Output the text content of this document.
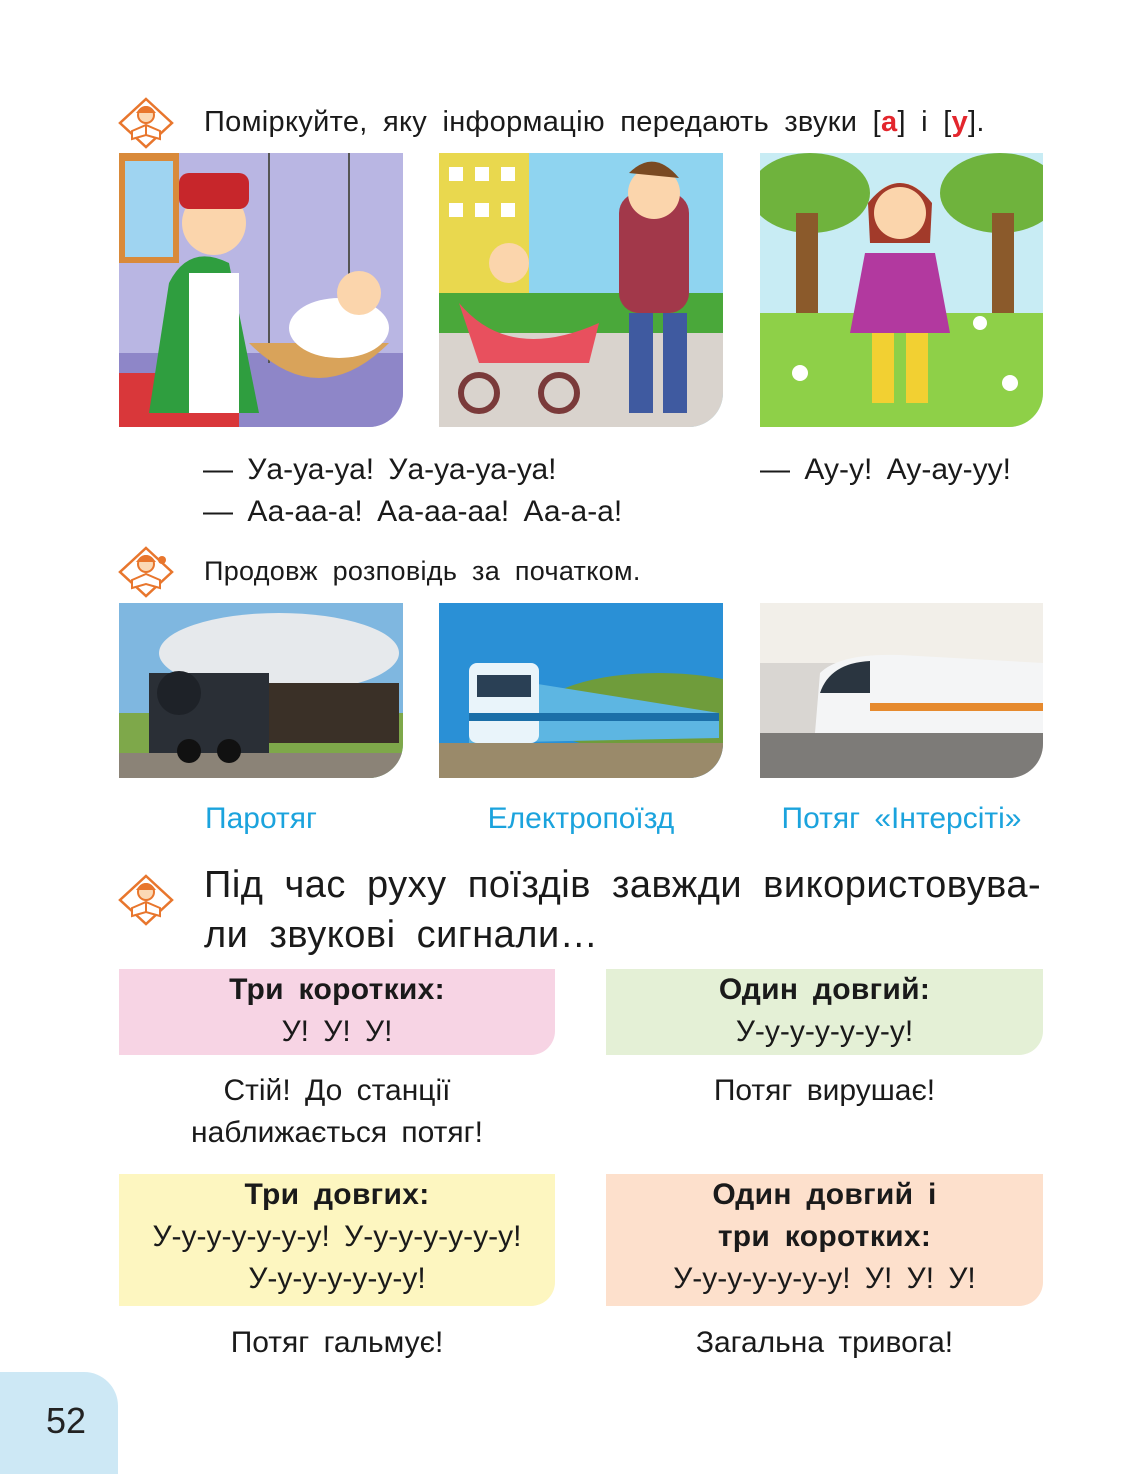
Поміркуйте, яку інформацію передають звуки [а] і [у].
— Уа-уа-уа! Уа-уа-уа-уа!
— Аа-аа-а! Аа-аа-аа! Аа-а-а!
— Ау-у! Ау-ау-уу!
Продовж розповідь за початком.
Паротяг	Електропоїзд	Потяг «Інтерсіті»
Під час руху поїздів завжди використовува-ли звукові сигнали…
Три коротких:
У! У! У!
Один довгий:
У-у-у-у-у-у-у!
Стій! До станції наближається потяг!
Потяг вирушає!
Три довгих:
У-у-у-у-у-у-у! У-у-у-у-у-у-у! У-у-у-у-у-у-у!
Один довгий і три коротких:
У-у-у-у-у-у-у! У! У! У!
Потяг гальмує!	Загальна тривога!
52
